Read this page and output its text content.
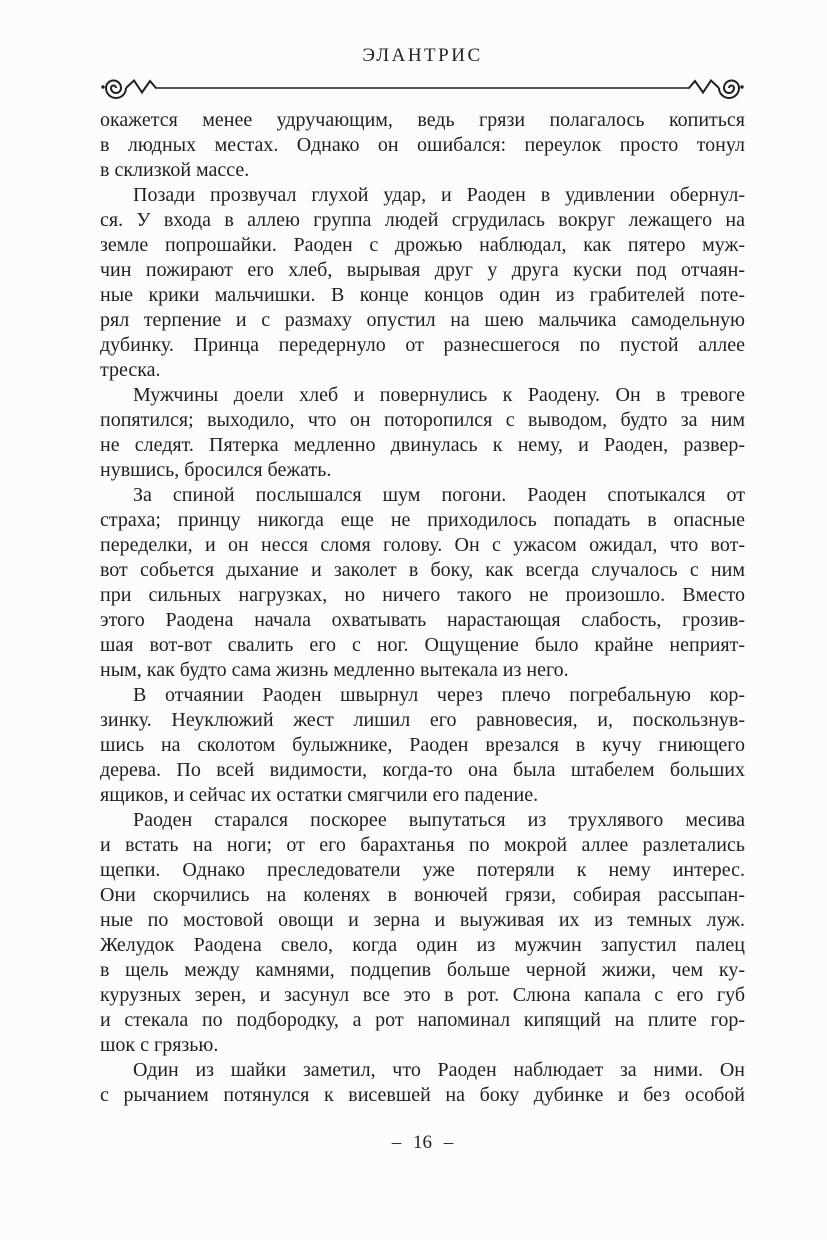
ЭЛАНТРИС
окажется менее удручающим, ведь грязи полагалось копиться
в людных местах. Однако он ошибался: переулок просто тонул
в склизкой массе.
Позади прозвучал глухой удар, и Раоден в удивлении обернул-
ся. У входа в аллею группа людей сгрудилась вокруг лежащего на
земле попрошайки. Раоден с дрожью наблюдал, как пятеро муж-
чин пожирают его хлеб, вырывая друг у друга куски под отчаян-
ные крики мальчишки. В конце концов один из грабителей поте-
рял терпение и с размаху опустил на шею мальчика самодельную
дубинку. Принца передернуло от разнесшегося по пустой аллее
треска.
Мужчины доели хлеб и повернулись к Раодену. Он в тревоге
попятился; выходило, что он поторопился с выводом, будто за ним
не следят. Пятерка медленно двинулась к нему, и Раоден, развер-
нувшись, бросился бежать.
За спиной послышался шум погони. Раоден спотыкался от
страха; принцу никогда еще не приходилось попадать в опасные
переделки, и он несся сломя голову. Он с ужасом ожидал, что вот-
вот собьется дыхание и заколет в боку, как всегда случалось с ним
при сильных нагрузках, но ничего такого не произошло. Вместо
этого Раодена начала охватывать нарастающая слабость, грозив-
шая вот-вот свалить его с ног. Ощущение было крайне неприят-
ным, как будто сама жизнь медленно вытекала из него.
В отчаянии Раоден швырнул через плечо погребальную кор-
зинку. Неуклюжий жест лишил его равновесия, и, поскользнув-
шись на сколотом булыжнике, Раоден врезался в кучу гниющего
дерева. По всей видимости, когда-то она была штабелем больших
ящиков, и сейчас их остатки смягчили его падение.
Раоден старался поскорее выпутаться из трухлявого месива
и встать на ноги; от его барахтанья по мокрой аллее разлетались
щепки. Однако преследователи уже потеряли к нему интерес.
Они скорчились на коленях в вонючей грязи, собирая рассыпан-
ные по мостовой овощи и зерна и выуживая их из темных луж.
Желудок Раодена свело, когда один из мужчин запустил палец
в щель между камнями, подцепив больше черной жижи, чем ку-
курузных зерен, и засунул все это в рот. Слюна капала с его губ
и стекала по подбородку, а рот напоминал кипящий на плите гор-
шок с грязью.
Один из шайки заметил, что Раоден наблюдает за ними. Он
с рычанием потянулся к висевшей на боку дубинке и без особой
– 16 –
